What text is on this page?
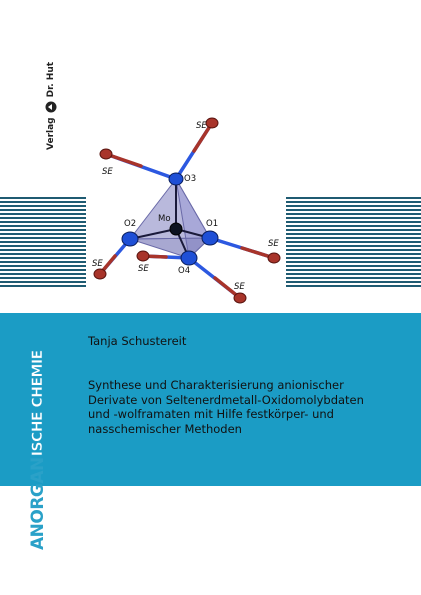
Mo
O3
O2	O1
O4
SE
SE
SE	SE
SE
SE
Tanja Schustereit
Synthese und Charakterisierung anionischer
Derivate von Seltenerdmetall-Oxidomolybdaten
und -wolframaten mit Hilfe festkörper- und
nasschemischer Methoden
ANORGAN
ISCHE CHEMIE
Verlag
Dr. Hut
